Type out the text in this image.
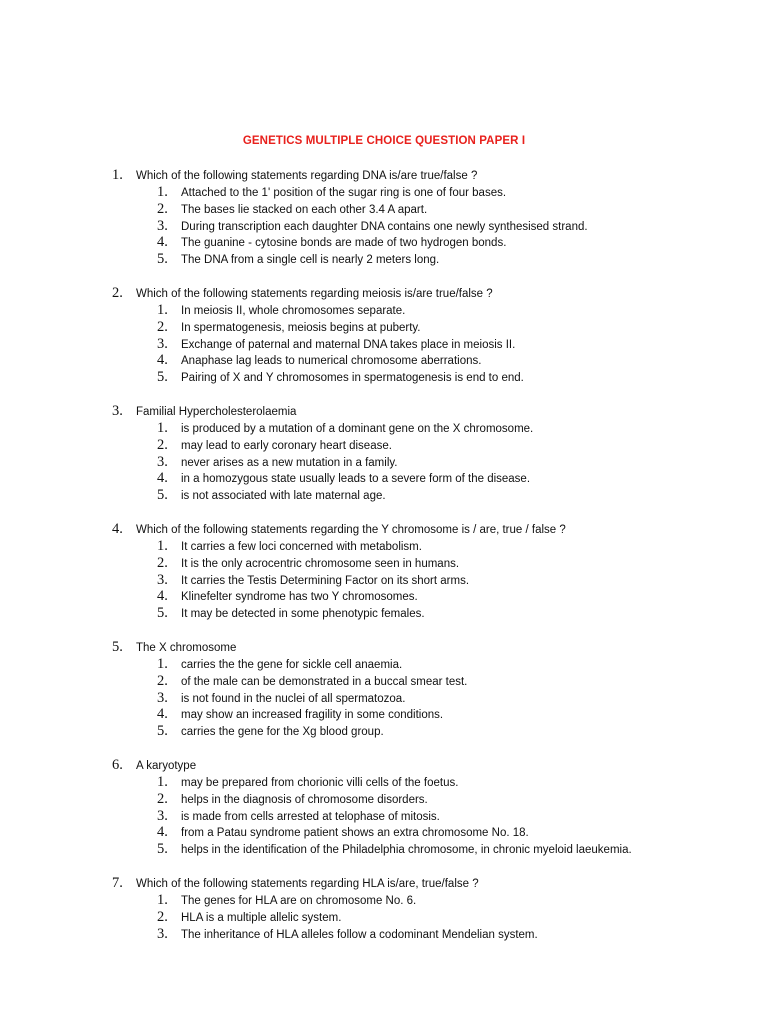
GENETICS MULTIPLE CHOICE QUESTION PAPER I
1. Which of the following statements regarding DNA is/are true/false ?
1. Attached to the 1' position of the sugar ring is one of four bases.
2. The bases lie stacked on each other 3.4 A apart.
3. During transcription each daughter DNA contains one newly synthesised strand.
4. The guanine - cytosine bonds are made of two hydrogen bonds.
5. The DNA from a single cell is nearly 2 meters long.
2. Which of the following statements regarding meiosis is/are true/false ?
1. In meiosis II, whole chromosomes separate.
2. In spermatogenesis, meiosis begins at puberty.
3. Exchange of paternal and maternal DNA takes place in meiosis II.
4. Anaphase lag leads to numerical chromosome aberrations.
5. Pairing of X and Y chromosomes in spermatogenesis is end to end.
3. Familial Hypercholesterolaemia
1. is produced by a mutation of a dominant gene on the X chromosome.
2. may lead to early coronary heart disease.
3. never arises as a new mutation in a family.
4. in a homozygous state usually leads to a severe form of the disease.
5. is not associated with late maternal age.
4. Which of the following statements regarding the Y chromosome is / are, true / false ?
1. It carries a few loci concerned with metabolism.
2. It is the only acrocentric chromosome seen in humans.
3. It carries the Testis Determining Factor on its short arms.
4. Klinefelter syndrome has two Y chromosomes.
5. It may be detected in some phenotypic females.
5. The X chromosome
1. carries the the gene for sickle cell anaemia.
2. of the male can be demonstrated in a buccal smear test.
3. is not found in the nuclei of all spermatozoa.
4. may show an increased fragility in some conditions.
5. carries the gene for the Xg blood group.
6. A karyotype
1. may be prepared from chorionic villi cells of the foetus.
2. helps in the diagnosis of chromosome disorders.
3. is made from cells arrested at telophase of mitosis.
4. from a Patau syndrome patient shows an extra chromosome No. 18.
5. helps in the identification of the Philadelphia chromosome, in chronic myeloid laeukemia.
7. Which of the following statements regarding HLA is/are, true/false ?
1. The genes for HLA are on chromosome No. 6.
2. HLA is a multiple allelic system.
3. The inheritance of HLA alleles follow a codominant Mendelian system.
